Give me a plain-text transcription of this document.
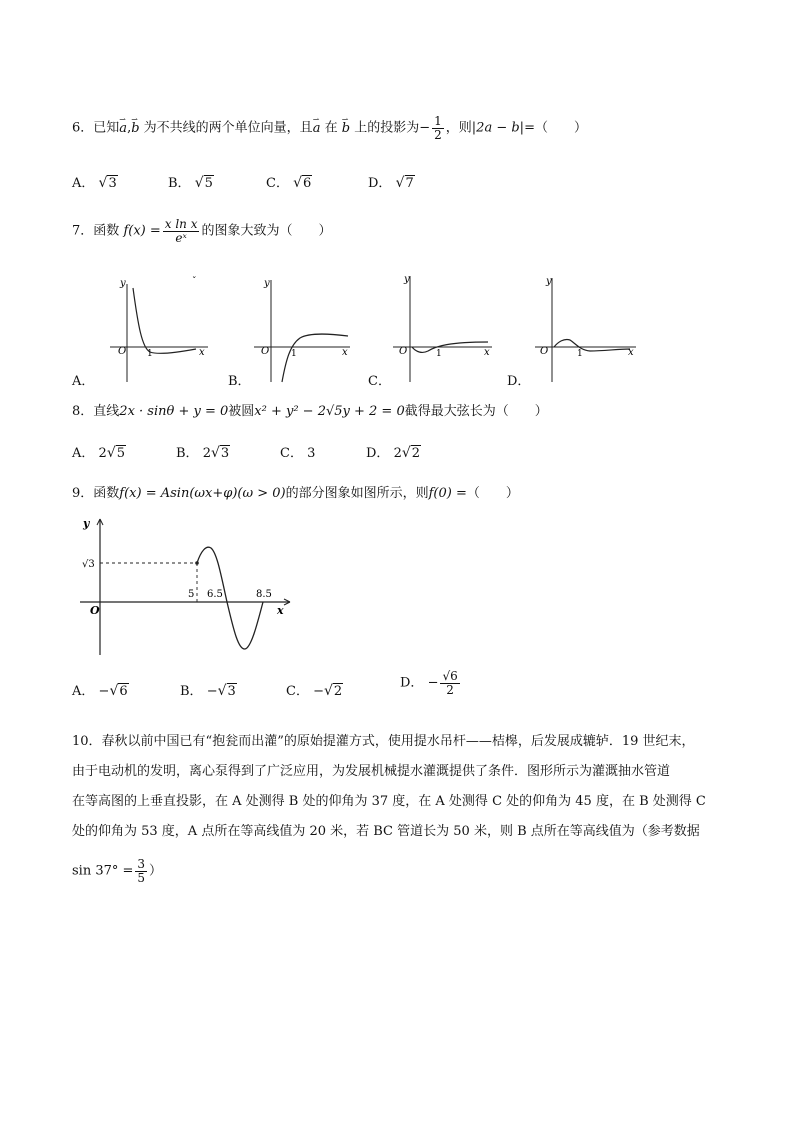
6．已知⇀ a,⇀ b 为不共线的两个单位向量，且⇀ a 在 ⇀ b 上的投影为− $\frac{1}{2}$ ，则|2a − b|=（　　）
A． √3	B． √5	C． √6	D． √7
7．函数 $f(x) = \frac{\text{x ln x}}{\text{eˣ}}$ 的图象大致为（　　）
y
x
O 1
ˇ	y
x
O 1
y
x
O	1
y
x
O	1
A．	B．	C．	D．
8．直线2x · sinθ + y = 0被圆x² + y² − 2√5y + 2 = 0截得最大弦长为（　　）
A． 2√5	B． 2√3	C． 3	D． 2√2
9．函数f(x) = Asin(ωx+φ)(ω > 0)的部分图象如图所示，则f(0) =（　　）
y
x
O
√3
5 6.5	8.5
A． −√6	B． −√3	C． −√2
D． − $\frac{√6}{2}$
10．春秋以前中国已有“抱瓮而出灌”的原始提灌方式，使用提水吊杆——桔槔，后发展成辘轳．19 世纪末，
由于电动机的发明，离心泵得到了广泛应用，为发展机械提水灌溉提供了条件．图形所示为灌溉抽水管道
在等高图的上垂直投影，在 A 处测得 B 处的仰角为 37 度，在 A 处测得 C 处的仰角为 45 度，在 B 处测得 C
处的仰角为 53 度，A 点所在等高线值为 20 米，若 BC 管道长为 50 米，则 B 点所在等高线值为（参考数据
$\sin 37^\circ = \frac{3}{5}$ ）
